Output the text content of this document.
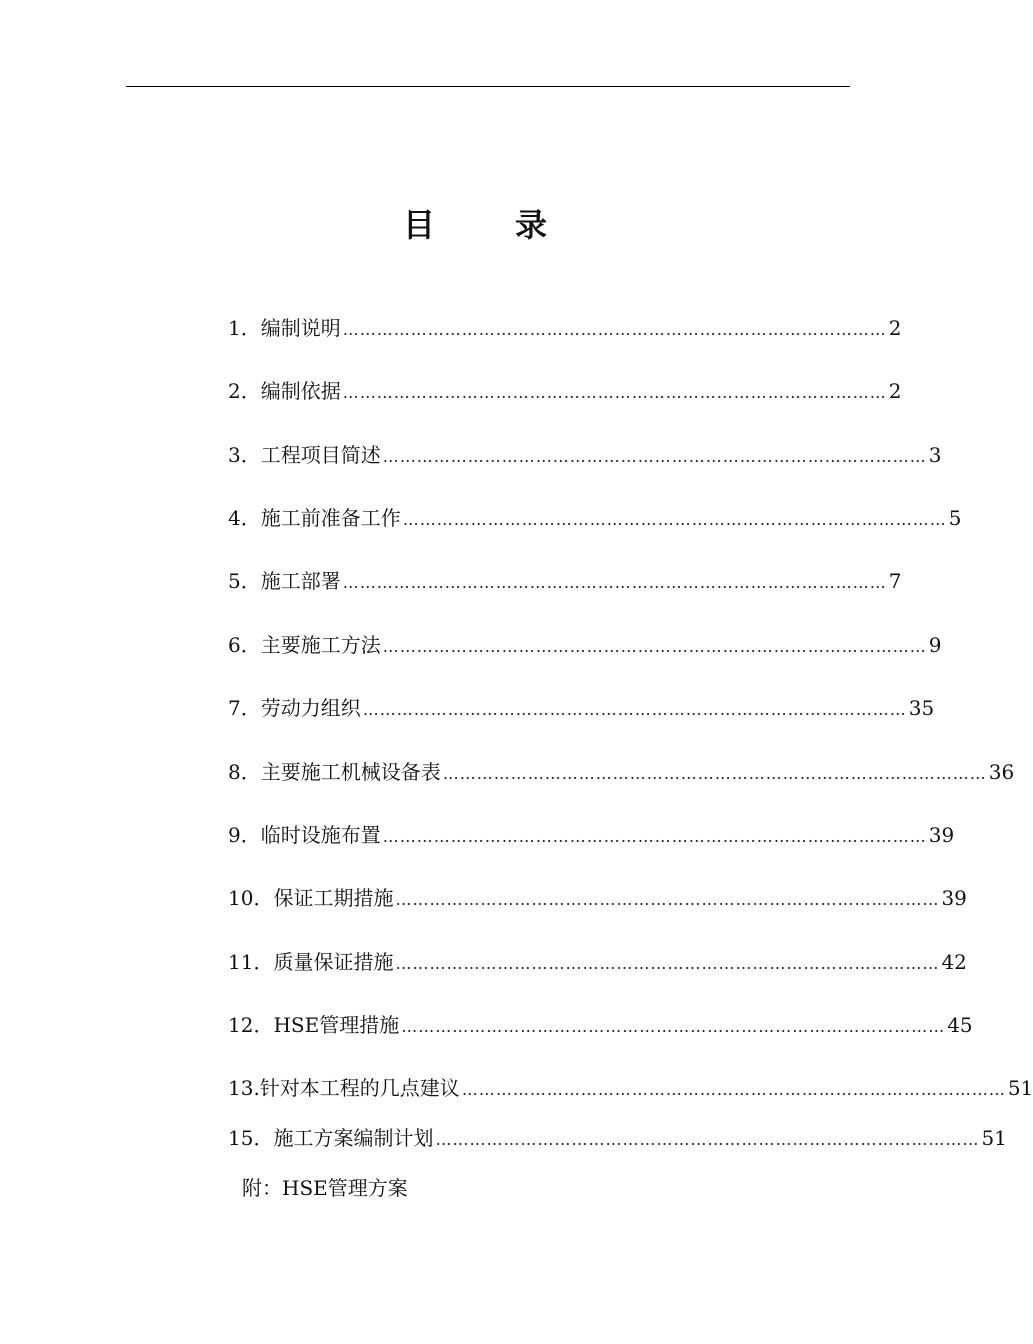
目	录
1．编制说明 …………………………………………………………………………………… 2
2．编制依据 …………………………………………………………………………………… 2
3．工程项目简述 …………………………………………………………………………………… 3
4．施工前准备工作 …………………………………………………………………………………… 5
5．施工部署 …………………………………………………………………………………… 7
6．主要施工方法 …………………………………………………………………………………… 9
7．劳动力组织 …………………………………………………………………………………… 35
8．主要施工机械设备表 …………………………………………………………………………………… 36
9．临时设施布置 …………………………………………………………………………………… 39
10．保证工期措施 …………………………………………………………………………………… 39
11．质量保证措施 …………………………………………………………………………………… 42
12．HSE管理措施 …………………………………………………………………………………… 45
13.针对本工程的几点建议 …………………………………………………………………………………… 51
15．施工方案编制计划 …………………………………………………………………………………… 51
附：HSE管理方案
